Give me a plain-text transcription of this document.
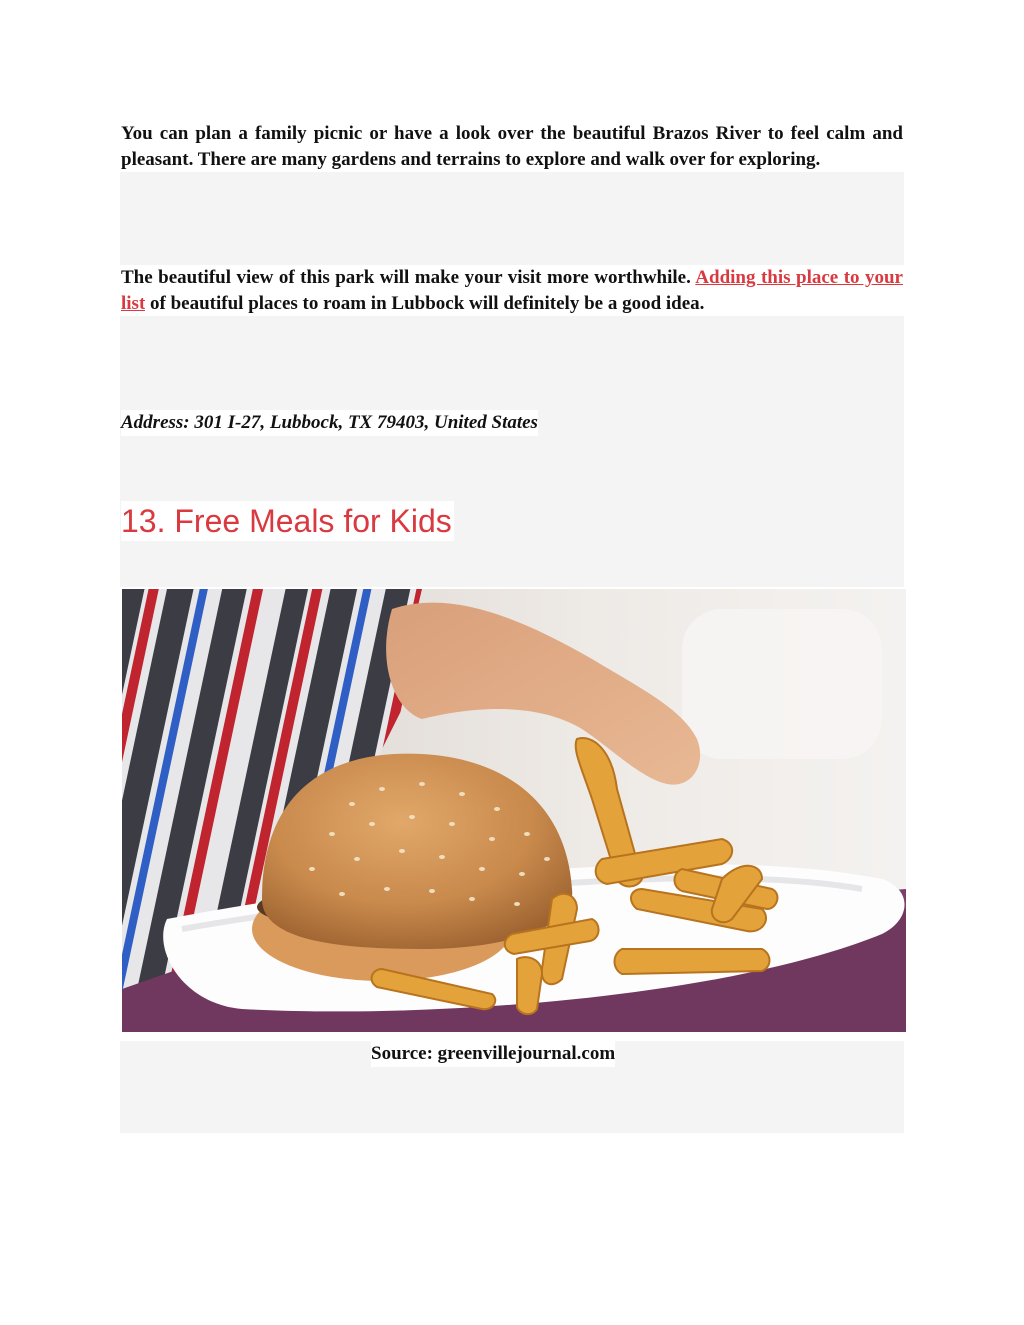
You can plan a family picnic or have a look over the beautiful Brazos River to feel calm and pleasant. There are many gardens and terrains to explore and walk over for exploring.

The beautiful view of this park will make your visit more worthwhile. Adding this place to your list of beautiful places to roam in Lubbock will definitely be a good idea.

Address: 301 I-27, Lubbock, TX 79403, United States

13. Free Meals for Kids

Source: greenvillejournal.com
